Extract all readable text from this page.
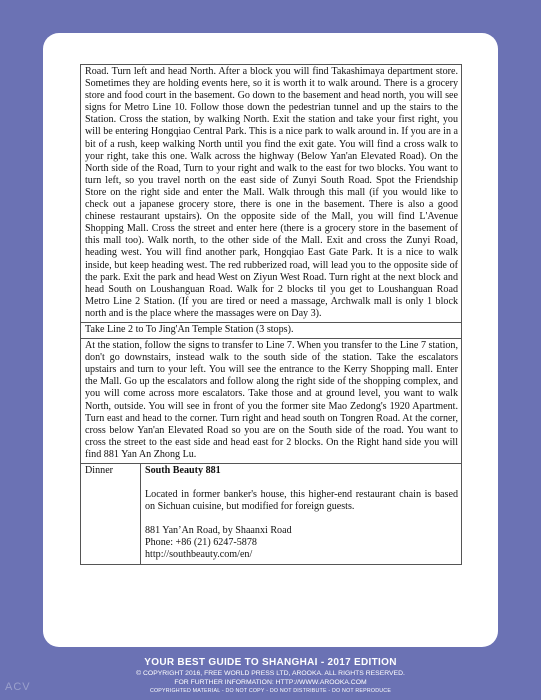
Road. Turn left and head North. After a block you will find Takashimaya department store. Sometimes they are holding events here, so it is worth it to walk around. There is a grocery store and food court in the basement. Go down to the basement and head north, you will see signs for Metro Line 10. Follow those down the pedestrian tunnel and up the stairs to the Station. Cross the station, by walking North. Exit the station and take your first right, you will be entering Hongqiao Central Park. This is a nice park to walk around in. If you are in a bit of a rush, keep walking North until you find the exit gate. You will find a cross walk to your right, take this one. Walk across the highway (Below Yan'an Elevated Road). On the North side of the Road, Turn to your right and walk to the east for two blocks. You want to turn left, so you travel north on the east side of Zunyi South Road. Spot the Friendship Store on the right side and enter the Mall. Walk through this mall (if you would like to check out a japanese grocery store, there is one in the basement. There is also a good chinese restaurant upstairs). On the opposite side of the Mall, you will find L'Avenue Shopping Mall. Cross the street and enter here (there is a grocery store in the basement of this mall too). Walk north, to the other side of the Mall. Exit and cross the Zunyi Road, heading west. You will find another park, Hongqiao East Gate Park. It is a nice to walk inside, but keep heading west. The red rubberized road, will lead you to the opposite side of the park. Exit the park and head West on Ziyun West Road. Turn right at the next block and head South on Loushanguan Road. Walk for 2 blocks til you get to Loushanguan Road Metro Line 2 Station. (If you are tired or need a massage, Archwalk mall is only 1 block north and is the place where the massages were on Day 3).
Take Line 2 to To Jing'An Temple Station (3 stops).
At the station, follow the signs to transfer to Line 7. When you transfer to the Line 7 station, don't go downstairs, instead walk to the south side of the station. Take the escalators upstairs and turn to your left. You will see the entrance to the Kerry Shopping mall. Enter the Mall. Go up the escalators and follow along the right side of the shopping complex, and you will come across more escalators. Take those and at ground level, you want to walk North, outside. You will see in front of you the former site Mao Zedong's 1920 Apartment. Turn east and head to the corner. Turn right and head south on Tongren Road. At the corner, cross below Yan'an Elevated Road so you are on the South side of the road. You want to cross the street to the east side and head east for 2 blocks. On the Right hand side you will find 881 Yan An Zhong Lu.
Dinner	South Beauty 881
Located in former banker's house, this higher-end restaurant chain is based on Sichuan cuisine, but modified for foreign guests.
881 Yan’An Road, by Shaanxi Road
Phone: +86 (21) 6247-5878
http://southbeauty.com/en/
YOUR BEST GUIDE TO SHANGHAI - 2017 EDITION
© COPYRIGHT 2016, FREE WORLD PRESS LTD, AROOKA. ALL RIGHTS RESERVED.
FOR FURTHER INFORMATION: HTTP://WWW.AROOKA.COM
COPYRIGHTED MATERIAL - DO NOT COPY - DO NOT DISTRIBUTE - DO NOT REPRODUCE
ACV
